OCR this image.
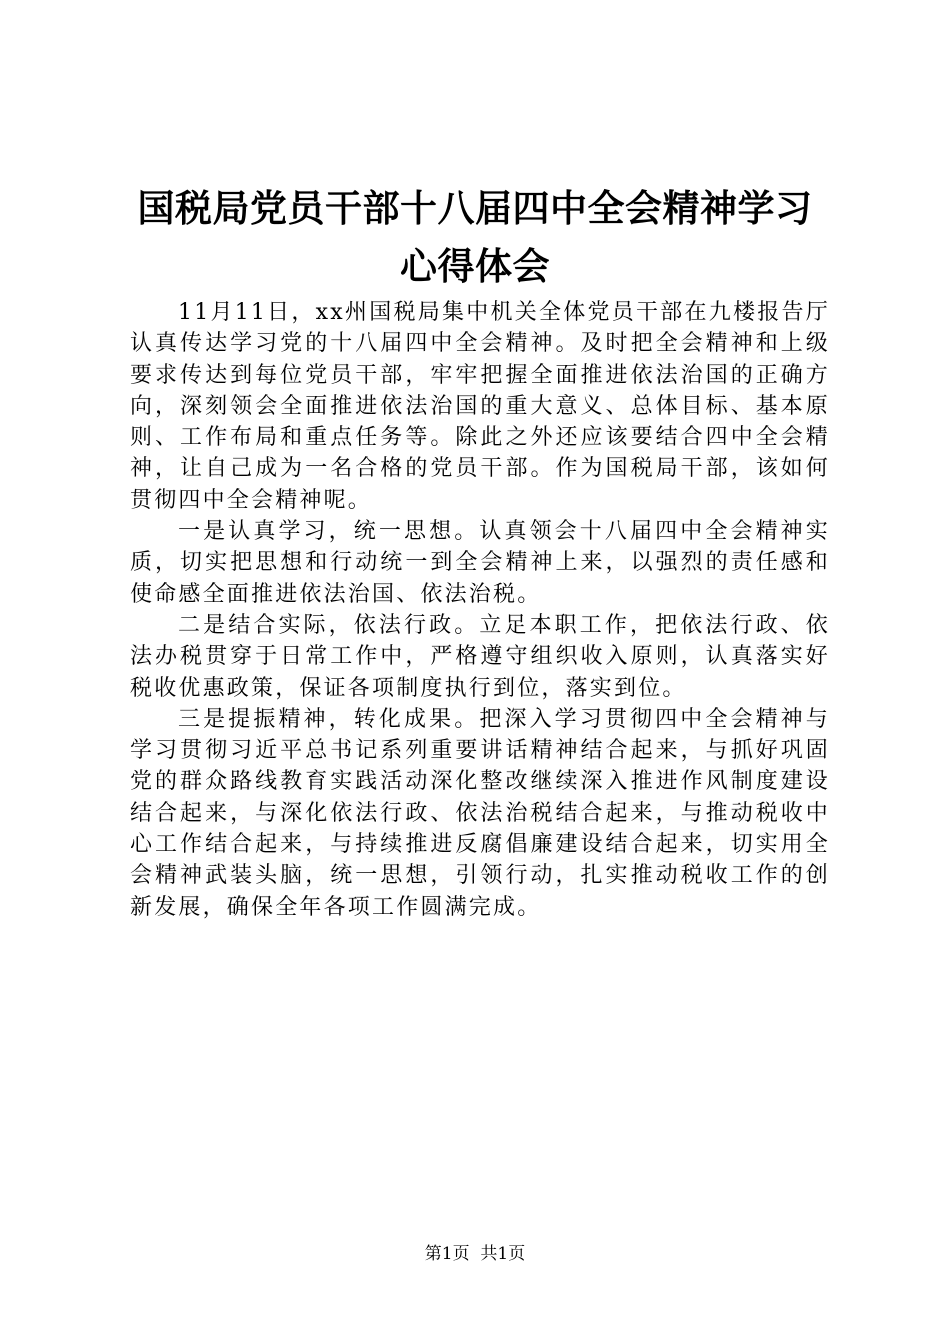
国税局党员干部十八届四中全会精神学习心得体会

11月11日，xx州国税局集中机关全体党员干部在九楼报告厅认真传达学习党的十八届四中全会精神。及时把全会精神和上级要求传达到每位党员干部，牢牢把握全面推进依法治国的正确方向，深刻领会全面推进依法治国的重大意义、总体目标、基本原则、工作布局和重点任务等。除此之外还应该要结合四中全会精神，让自己成为一名合格的党员干部。作为国税局干部，该如何贯彻四中全会精神呢。

一是认真学习，统一思想。认真领会十八届四中全会精神实质，切实把思想和行动统一到全会精神上来，以强烈的责任感和使命感全面推进依法治国、依法治税。

二是结合实际，依法行政。立足本职工作，把依法行政、依法办税贯穿于日常工作中，严格遵守组织收入原则，认真落实好税收优惠政策，保证各项制度执行到位，落实到位。

三是提振精神，转化成果。把深入学习贯彻四中全会精神与学习贯彻习近平总书记系列重要讲话精神结合起来，与抓好巩固党的群众路线教育实践活动深化整改继续深入推进作风制度建设结合起来，与深化依法行政、依法治税结合起来，与推动税收中心工作结合起来，与持续推进反腐倡廉建设结合起来，切实用全会精神武装头脑，统一思想，引领行动，扎实推动税收工作的创新发展，确保全年各项工作圆满完成。

第1页  共1页
